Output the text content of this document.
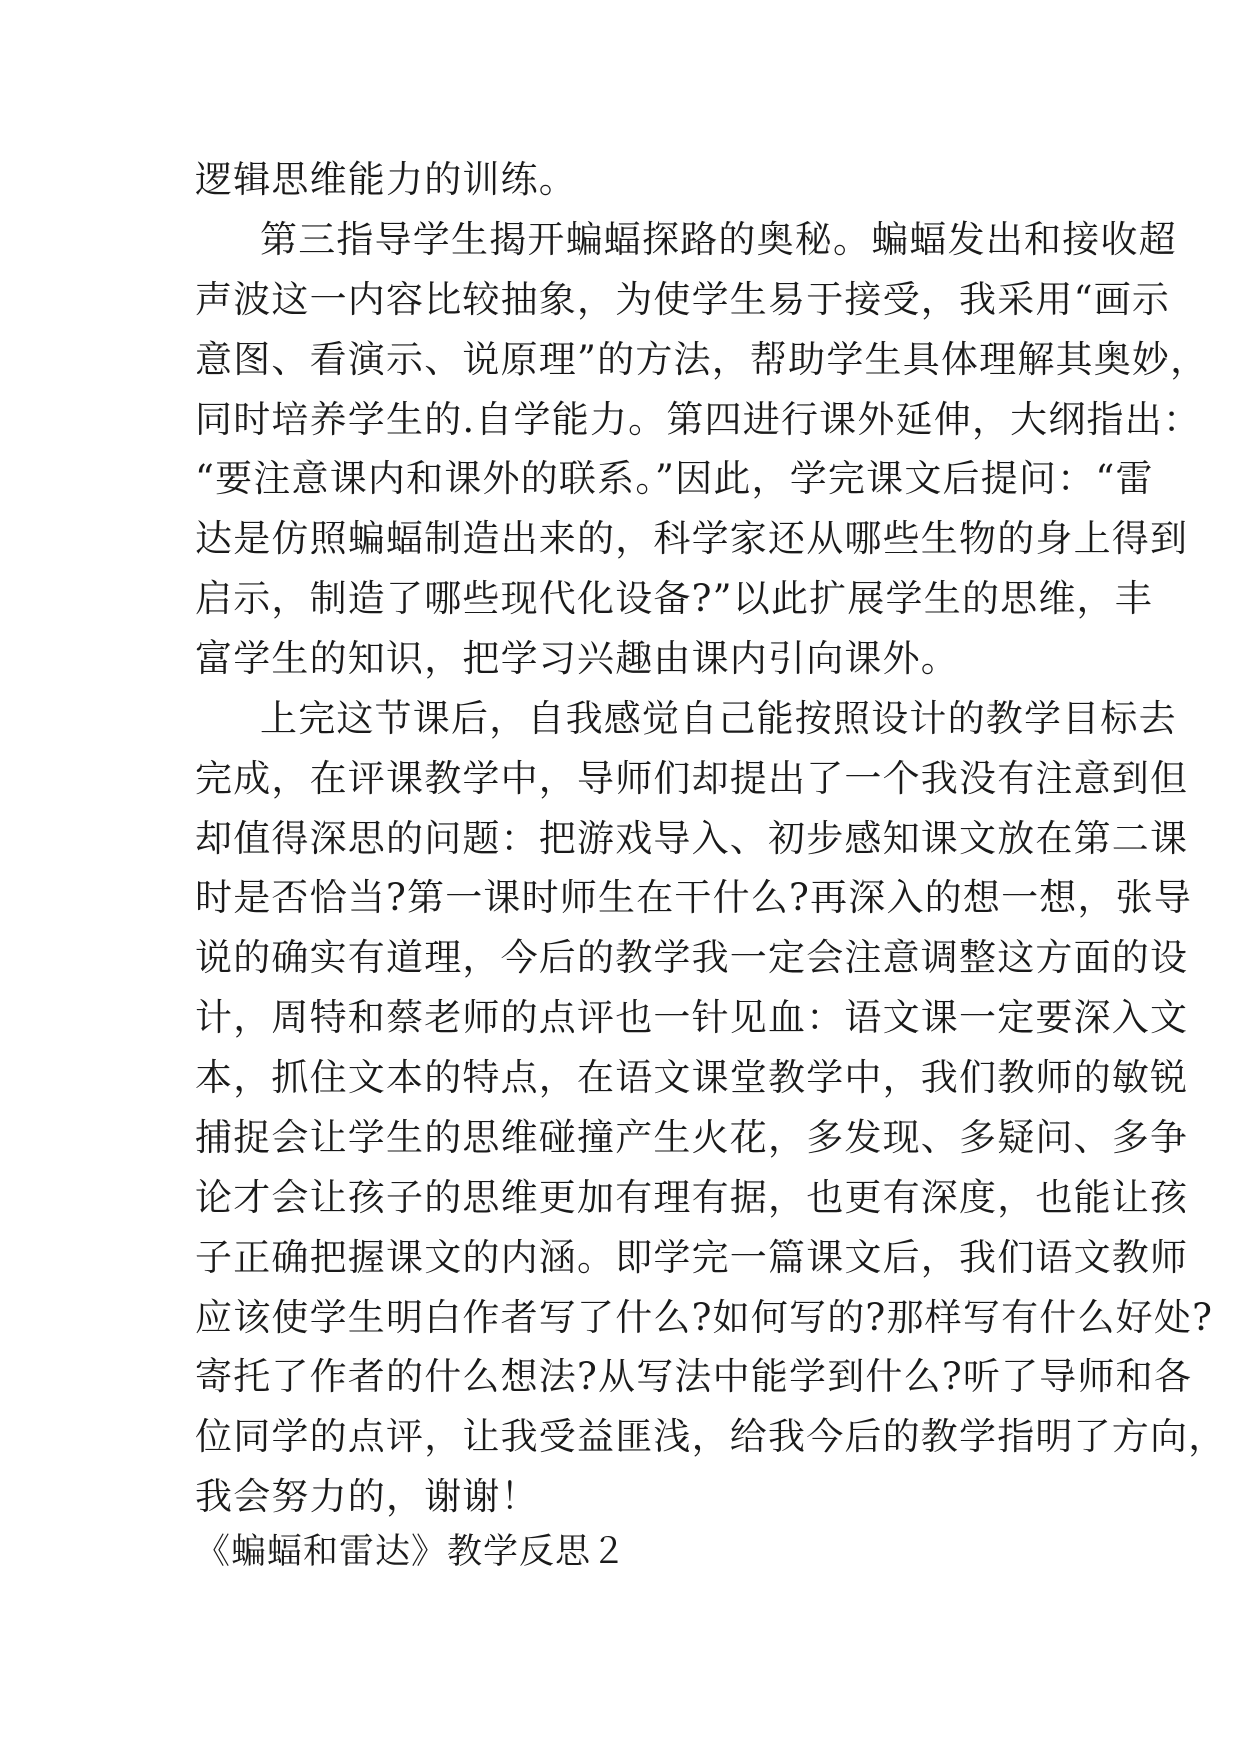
逻辑思维能力的训练。
第三指导学生揭开蝙蝠探路的奥秘。蝙蝠发出和接收超
声波这一内容比较抽象，为使学生易于接受，我采用“画示
意图、看演示、说原理”的方法，帮助学生具体理解其奥妙，
同时培养学生的.自学能力。第四进行课外延伸，大纲指出：
“要注意课内和课外的联系。”因此，学完课文后提问：“雷
达是仿照蝙蝠制造出来的，科学家还从哪些生物的身上得到
启示，制造了哪些现代化设备?”以此扩展学生的思维，丰
富学生的知识，把学习兴趣由课内引向课外。
上完这节课后，自我感觉自己能按照设计的教学目标去
完成，在评课教学中，导师们却提出了一个我没有注意到但
却值得深思的问题：把游戏导入、初步感知课文放在第二课
时是否恰当?第一课时师生在干什么?再深入的想一想，张导
说的确实有道理，今后的教学我一定会注意调整这方面的设
计，周特和蔡老师的点评也一针见血：语文课一定要深入文
本，抓住文本的特点，在语文课堂教学中，我们教师的敏锐
捕捉会让学生的思维碰撞产生火花，多发现、多疑问、多争
论才会让孩子的思维更加有理有据，也更有深度，也能让孩
子正确把握课文的内涵。即学完一篇课文后，我们语文教师
应该使学生明白作者写了什么?如何写的?那样写有什么好处?
寄托了作者的什么想法?从写法中能学到什么?听了导师和各
位同学的点评，让我受益匪浅，给我今后的教学指明了方向，
我会努力的，谢谢！
《蝙蝠和雷达》教学反思２
